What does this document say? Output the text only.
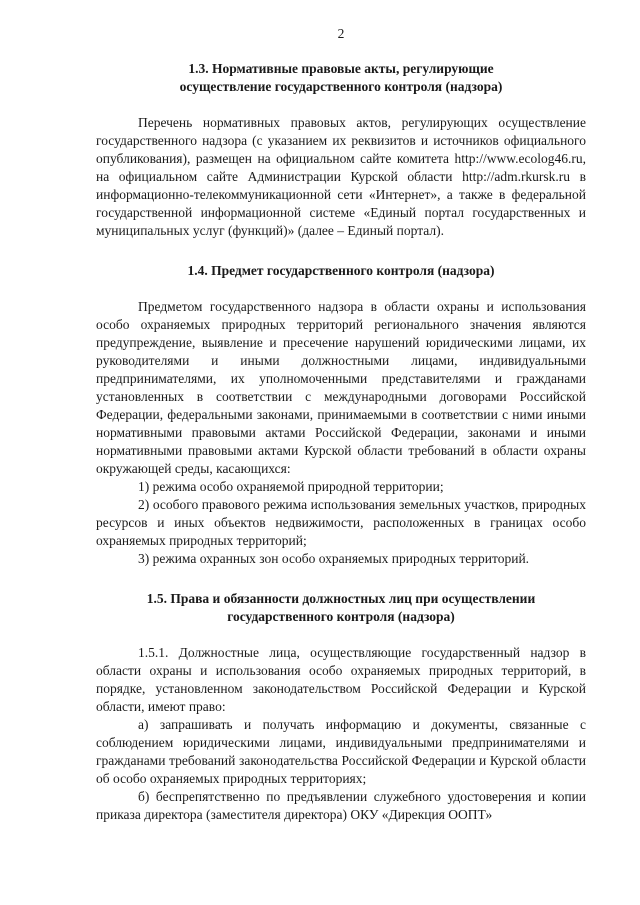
2
1.3. Нормативные правовые акты, регулирующие
осуществление государственного контроля (надзора)

Перечень нормативных правовых актов, регулирующих осуществление государственного надзора (с указанием их реквизитов и источников официального опубликования), размещен на официальном сайте комитета http://www.ecolog46.ru, на официальном сайте Администрации Курской области http://adm.rkursk.ru в информационно-телекоммуникационной сети «Интернет», а также в федеральной государственной информационной системе «Единый портал государственных и муниципальных услуг (функций)» (далее – Единый портал).

1.4. Предмет государственного контроля (надзора)

Предметом государственного надзора в области охраны и использования особо охраняемых природных территорий регионального значения являются предупреждение, выявление и пресечение нарушений юридическими лицами, их руководителями и иными должностными лицами, индивидуальными предпринимателями, их уполномоченными представителями и гражданами установленных в соответствии с международными договорами Российской Федерации, федеральными законами, принимаемыми в соответствии с ними иными нормативными правовыми актами Российской Федерации, законами и иными нормативными правовыми актами Курской области требований в области охраны окружающей среды, касающихся:

1) режима особо охраняемой природной территории;

2) особого правового режима использования земельных участков, природных ресурсов и иных объектов недвижимости, расположенных в границах особо охраняемых природных территорий;

3) режима охранных зон особо охраняемых природных территорий.

1.5. Права и обязанности должностных лиц при осуществлении
государственного контроля (надзора)

1.5.1. Должностные лица, осуществляющие государственный надзор в области охраны и использования особо охраняемых природных территорий, в порядке, установленном законодательством Российской Федерации и Курской области, имеют право:

а) запрашивать и получать информацию и документы, связанные с соблюдением юридическими лицами, индивидуальными предпринимателями и гражданами требований законодательства Российской Федерации и Курской области об особо охраняемых природных территориях;

б) беспрепятственно по предъявлении служебного удостоверения и копии приказа директора (заместителя директора) ОКУ «Дирекция ООПТ»
